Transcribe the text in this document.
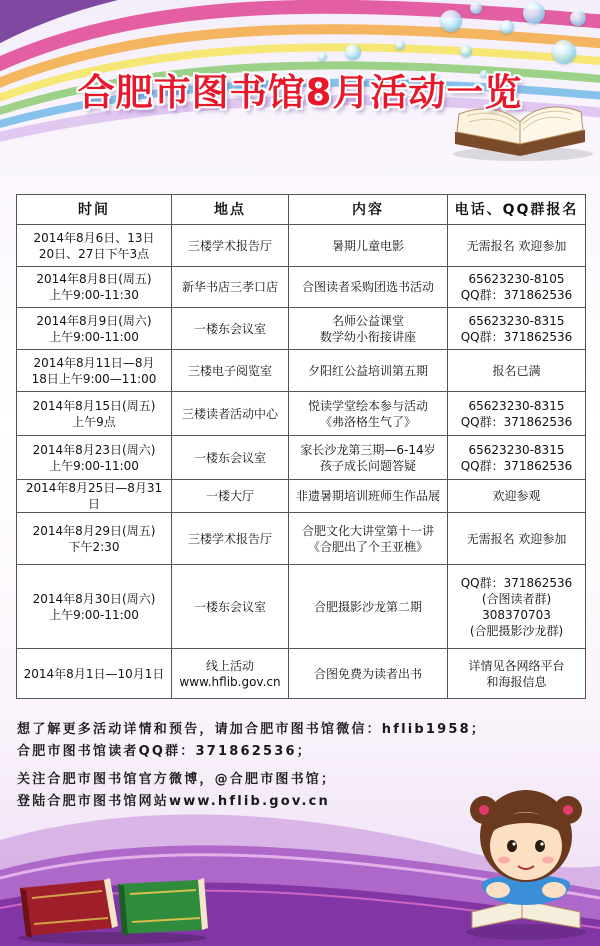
合肥市图书馆8月活动一览
时间	地点	内容	电话、QQ群报名
2014年8月6日、13日
20日、27日下午3点	三楼学术报告厅	暑期儿童电影	无需报名 欢迎参加
2014年8月8日(周五)
上午9:00-11:30	新华书店三孝口店	合图读者采购团选书活动	65623230-8105
QQ群：371862536
2014年8月9日(周六)
上午9:00-11:00	一楼东会议室	名师公益课堂
数学幼小衔接讲座	65623230-8315
QQ群：371862536
2014年8月11日—8月
18日上午9:00—11:00	三楼电子阅览室	夕阳红公益培训第五期	报名已满
2014年8月15日(周五)
上午9点	三楼读者活动中心	悦读学堂绘本参与活动
《弗洛格生气了》	65623230-8315
QQ群：371862536
2014年8月23日(周六)
上午9:00-11:00	一楼东会议室	家长沙龙第三期—6-14岁
孩子成长问题答疑	65623230-8315
QQ群：371862536
2014年8月25日—8月31日	一楼大厅	非遗暑期培训班师生作品展	欢迎参观
2014年8月29日(周五)
下午2:30	三楼学术报告厅	合肥文化大讲堂第十一讲
《合肥出了个王亚樵》	无需报名 欢迎参加
2014年8月30日(周六)
上午9:00-11:00	一楼东会议室	合肥摄影沙龙第二期	QQ群：371862536
(合图读者群)
308370703
(合肥摄影沙龙群)
2014年8月1日—10月1日	线上活动
www.hflib.gov.cn	合图免费为读者出书	详情见各网络平台
和海报信息
想了解更多活动详情和预告，请加合肥市图书馆微信：hflib1958；
合肥市图书馆读者QQ群：371862536；
关注合肥市图书馆官方微博，@合肥市图书馆；
登陆合肥市图书馆网站www.hflib.gov.cn
